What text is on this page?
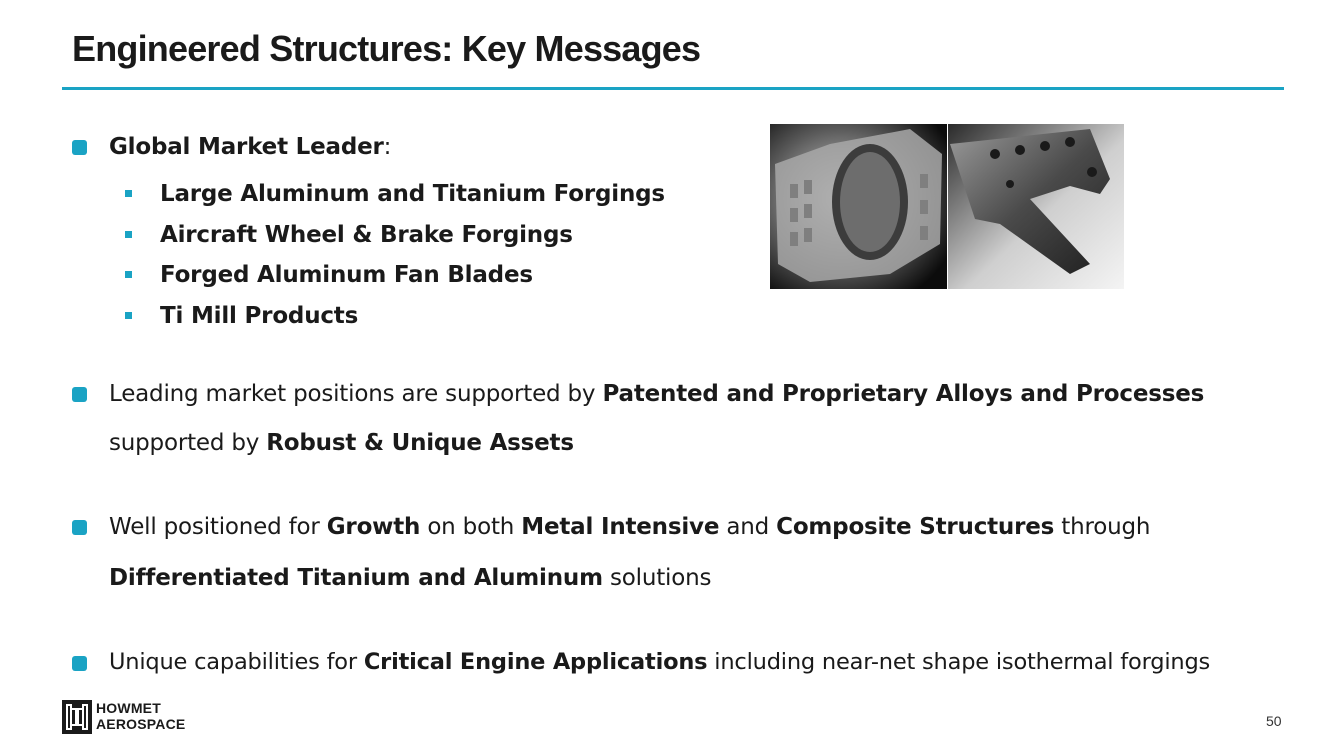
Engineered Structures: Key Messages
Global Market Leader:
Large Aluminum and Titanium Forgings
Aircraft Wheel & Brake Forgings
Forged Aluminum Fan Blades
Ti Mill Products
Leading market positions are supported by Patented and Proprietary Alloys and Processes
supported by Robust & Unique Assets
Well positioned for Growth on both Metal Intensive and Composite Structures through
Differentiated Titanium and Aluminum solutions
Unique capabilities for Critical Engine Applications including near-net shape isothermal forgings
HOWMET
AEROSPACE	50
